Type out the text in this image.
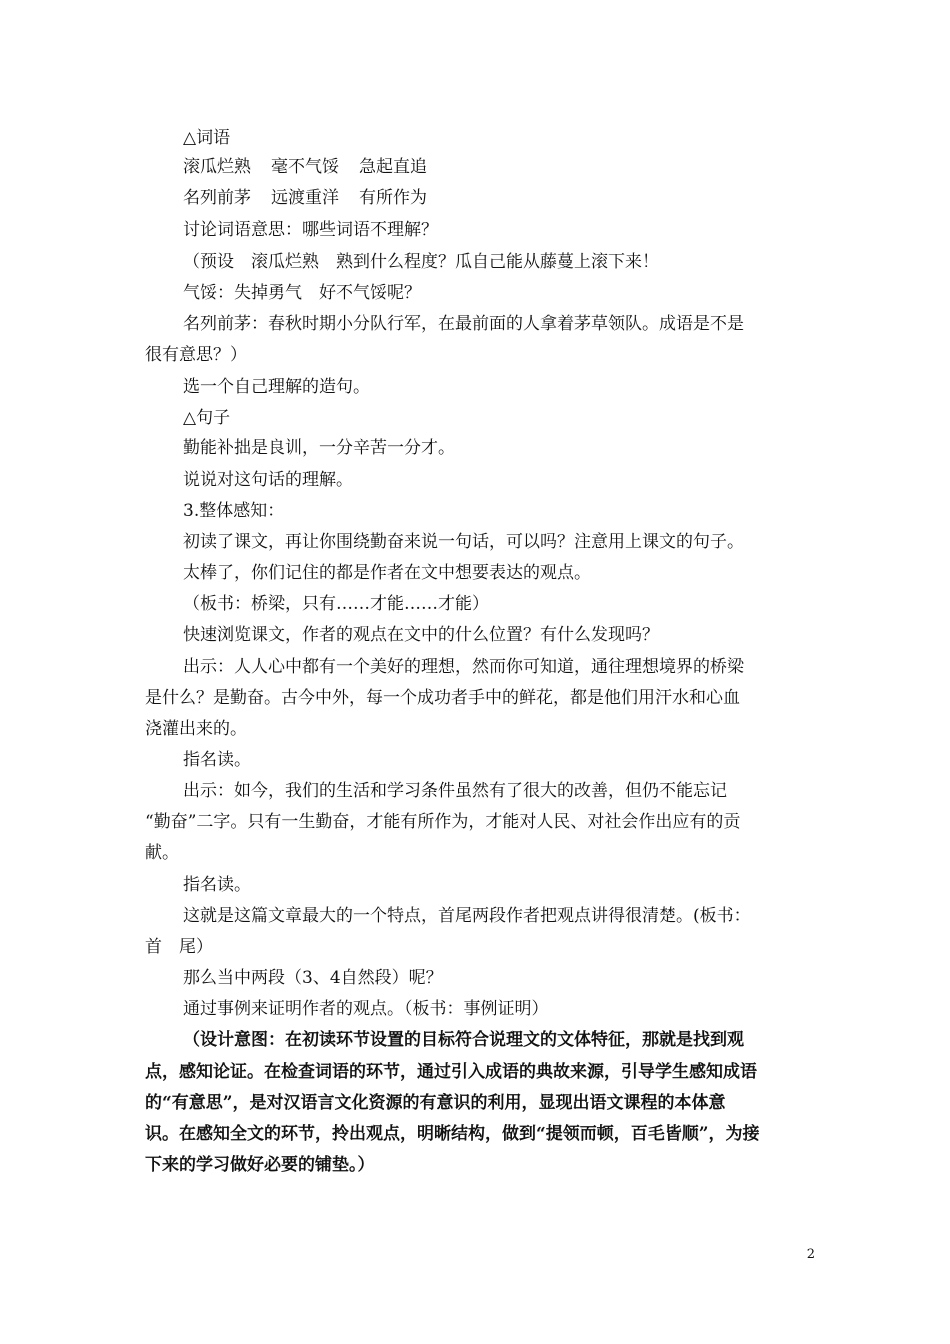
△词语
滚瓜烂熟 毫不气馁 急起直追
名列前茅 远渡重洋 有所作为
讨论词语意思：哪些词语不理解？
（预设　滚瓜烂熟　熟到什么程度？瓜自己能从藤蔓上滚下来！
气馁：失掉勇气　好不气馁呢？
名列前茅：春秋时期小分队行军，在最前面的人拿着茅草领队。成语是不是
很有意思？）
选一个自己理解的造句。
△句子
勤能补拙是良训，一分辛苦一分才。
说说对这句话的理解。
3.整体感知：
初读了课文，再让你围绕勤奋来说一句话，可以吗？注意用上课文的句子。
太棒了，你们记住的都是作者在文中想要表达的观点。
（板书：桥梁，只有……才能……才能）
快速浏览课文，作者的观点在文中的什么位置？有什么发现吗？
出示：人人心中都有一个美好的理想，然而你可知道，通往理想境界的桥梁
是什么？是勤奋。古今中外，每一个成功者手中的鲜花，都是他们用汗水和心血
浇灌出来的。
指名读。
出示：如今，我们的生活和学习条件虽然有了很大的改善，但仍不能忘记
“勤奋”二字。只有一生勤奋，才能有所作为，才能对人民、对社会作出应有的贡
献。
指名读。
这就是这篇文章最大的一个特点，首尾两段作者把观点讲得很清楚。(板书：
首　尾）
那么当中两段（3、4自然段）呢？
通过事例来证明作者的观点。（板书：事例证明）
（设计意图：在初读环节设置的目标符合说理文的文体特征，那就是找到观
点，感知论证。在检查词语的环节，通过引入成语的典故来源，引导学生感知成语
的“有意思”，是对汉语言文化资源的有意识的利用，显现出语文课程的本体意
识。在感知全文的环节，拎出观点，明晰结构，做到“提领而顿，百毛皆顺”，为接
下来的学习做好必要的铺垫。）
2
